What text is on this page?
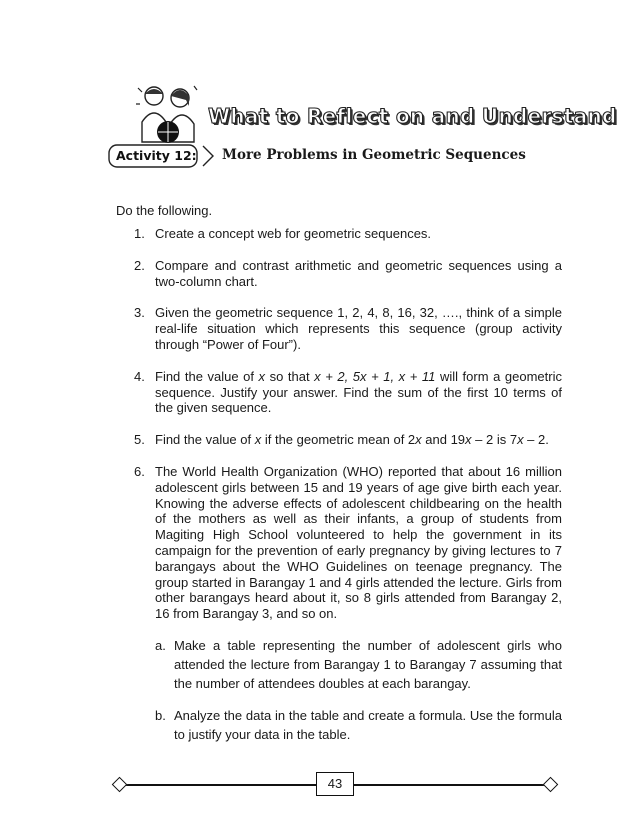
What to Reflect on and Understand
Activity 12: More Problems in Geometric Sequences
Do the following.
1. Create a concept web for geometric sequences.
2. Compare and contrast arithmetic and geometric sequences using a two-column chart.
3. Given the geometric sequence 1, 2, 4, 8, 16, 32, …., think of a simple real-life situation which represents this sequence (group activity through “Power of Four”).
4. Find the value of x so that x + 2, 5x + 1, x + 11 will form a geometric sequence. Justify your answer. Find the sum of the first 10 terms of the given sequence.
5. Find the value of x if the geometric mean of 2x and 19x – 2 is 7x – 2.
6. The World Health Organization (WHO) reported that about 16 million adolescent girls between 15 and 19 years of age give birth each year. Knowing the adverse effects of adolescent childbearing on the health of the mothers as well as their infants, a group of students from Magiting High School volunteered to help the government in its campaign for the prevention of early pregnancy by giving lectures to 7 barangays about the WHO Guidelines on teenage pregnancy. The group started in Barangay 1 and 4 girls attended the lecture. Girls from other barangays heard about it, so 8 girls attended from Barangay 2, 16 from Barangay 3, and so on.
a. Make a table representing the number of adolescent girls who attended the lecture from Barangay 1 to Barangay 7 assuming that the number of attendees doubles at each barangay.
b. Analyze the data in the table and create a formula. Use the formula to justify your data in the table.
43
